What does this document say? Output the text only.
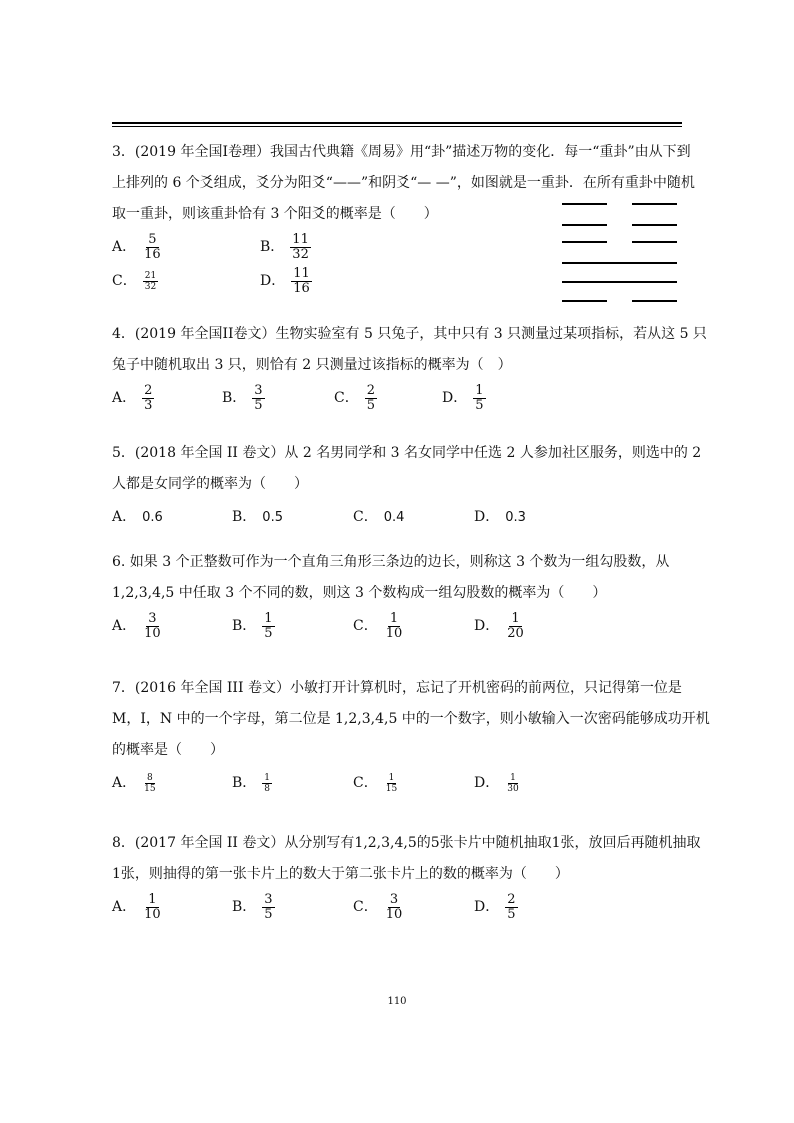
3．(2019 年全国I卷理）我国古代典籍《周易》用“卦”描述万物的变化．每一“重卦”由从下到

上排列的 6 个爻组成，爻分为阳爻“——”和阴爻“— —”，如图就是一重卦．在所有重卦中随机

取一重卦，则该重卦恰有 3 个阳爻的概率是（　　）

A． $\frac{5}{16}$	B． $\frac{11}{32}$
C． $\frac{21}{32}$	D． $\frac{11}{16}$

4．(2019 年全国II卷文）生物实验室有 5 只兔子，其中只有 3 只测量过某项指标，若从这 5 只

兔子中随机取出 3 只，则恰有 2 只测量过该指标的概率为（　）

A． $\frac{2}{3}$	B． $\frac{3}{5}$	C． $\frac{2}{5}$	D． $\frac{1}{5}$

5．(2018 年全国 II 卷文）从 2 名男同学和 3 名女同学中任选 2 人参加社区服务，则选中的 2

人都是女同学的概率为（　　）

A． 0.6	B． 0.5	C． 0.4	D． 0.3

6. 如果 3 个正整数可作为一个直角三角形三条边的边长，则称这 3 个数为一组勾股数，从

1,2,3,4,5 中任取 3 个不同的数，则这 3 个数构成一组勾股数的概率为（　　）

A． $\frac{3}{10}$	B． $\frac{1}{5}$	C． $\frac{1}{10}$	D． $\frac{1}{20}$

7．(2016 年全国 III 卷文）小敏打开计算机时，忘记了开机密码的前两位，只记得第一位是

M，I，N 中的一个字母，第二位是 1,2,3,4,5 中的一个数字，则小敏输入一次密码能够成功开机

的概率是（　　）

A． $\frac{8}{15}$	B． $\frac{1}{8}$	C． $\frac{1}{15}$	D． $\frac{1}{30}$

8．(2017 年全国 II 卷文）从分别写有1,2,3,4,5的5张卡片中随机抽取1张，放回后再随机抽取

1张，则抽得的第一张卡片上的数大于第二张卡片上的数的概率为（　　）

A． $\frac{1}{10}$	B． $\frac{3}{5}$	C． $\frac{3}{10}$	D． $\frac{2}{5}$
110
